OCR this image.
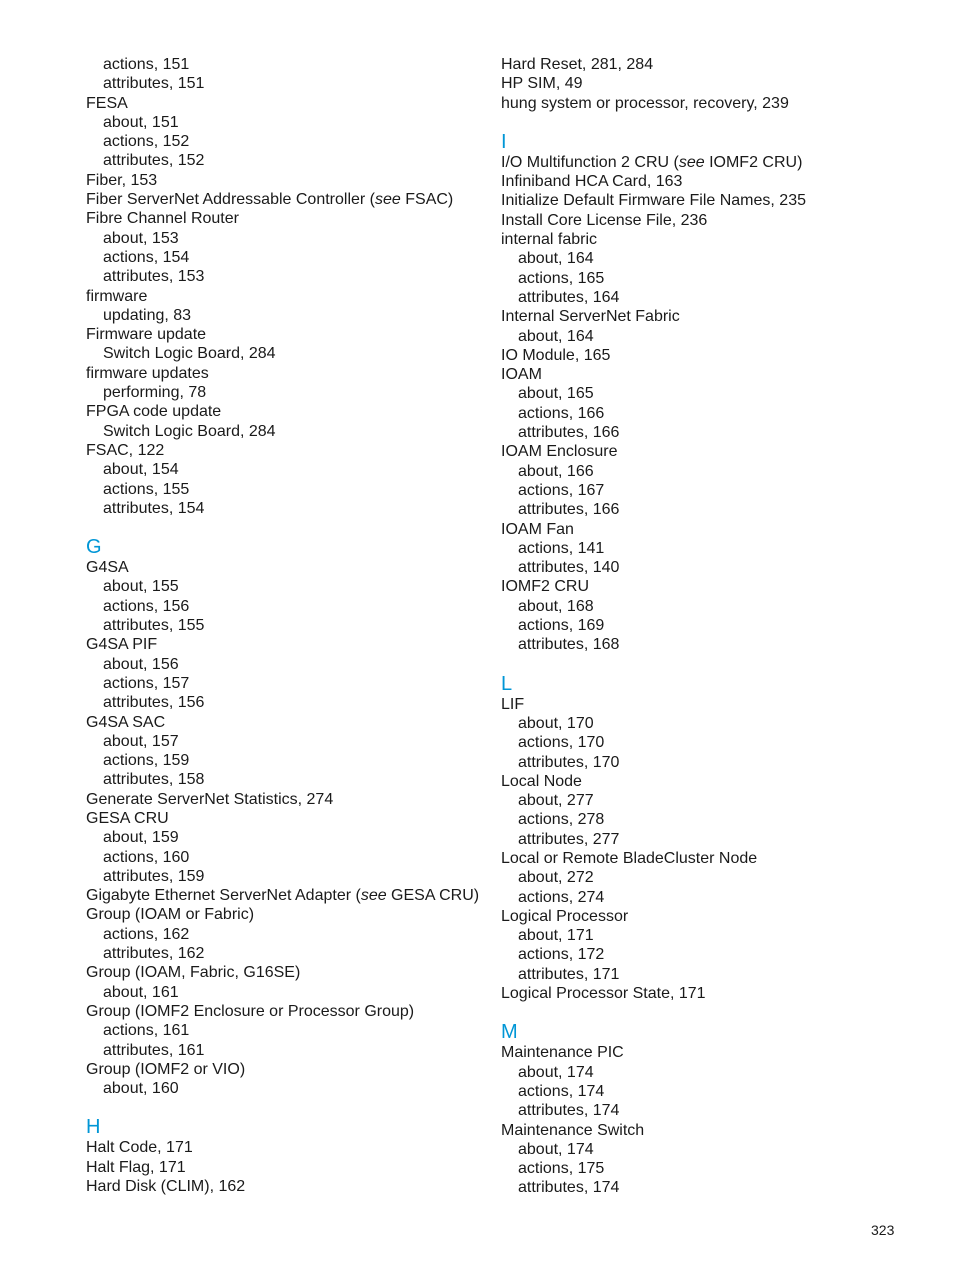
actions, 151
attributes, 151
FESA
about, 151
actions, 152
attributes, 152
Fiber, 153
Fiber ServerNet Addressable Controller (see FSAC)
Fibre Channel Router
about, 153
actions, 154
attributes, 153
firmware
updating, 83
Firmware update
Switch Logic Board, 284
firmware updates
performing, 78
FPGA code update
Switch Logic Board, 284
FSAC, 122
about, 154
actions, 155
attributes, 154
G
G4SA
about, 155
actions, 156
attributes, 155
G4SA PIF
about, 156
actions, 157
attributes, 156
G4SA SAC
about, 157
actions, 159
attributes, 158
Generate ServerNet Statistics, 274
GESA CRU
about, 159
actions, 160
attributes, 159
Gigabyte Ethernet ServerNet Adapter (see GESA CRU)
Group (IOAM or Fabric)
actions, 162
attributes, 162
Group (IOAM, Fabric, G16SE)
about, 161
Group (IOMF2 Enclosure or Processor Group)
actions, 161
attributes, 161
Group (IOMF2 or VIO)
about, 160
H
Halt Code, 171
Halt Flag, 171
Hard Disk (CLIM), 162
Hard Reset, 281, 284
HP SIM, 49
hung system or processor, recovery, 239
I
I/O Multifunction 2 CRU (see IOMF2 CRU)
Infiniband HCA Card, 163
Initialize Default Firmware File Names, 235
Install Core License File, 236
internal fabric
about, 164
actions, 165
attributes, 164
Internal ServerNet Fabric
about, 164
IO Module, 165
IOAM
about, 165
actions, 166
attributes, 166
IOAM Enclosure
about, 166
actions, 167
attributes, 166
IOAM Fan
actions, 141
attributes, 140
IOMF2 CRU
about, 168
actions, 169
attributes, 168
L
LIF
about, 170
actions, 170
attributes, 170
Local Node
about, 277
actions, 278
attributes, 277
Local or Remote BladeCluster Node
about, 272
actions, 274
Logical Processor
about, 171
actions, 172
attributes, 171
Logical Processor State, 171
M
Maintenance PIC
about, 174
actions, 174
attributes, 174
Maintenance Switch
about, 174
actions, 175
attributes, 174
323
